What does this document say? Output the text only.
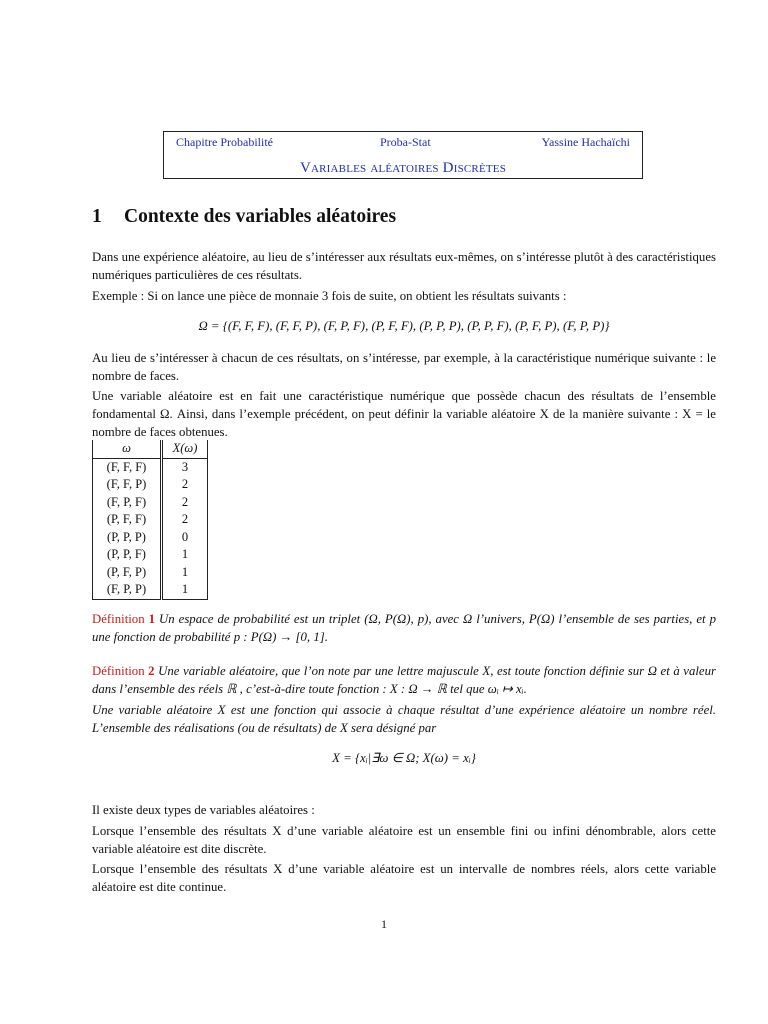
Chapitre Probabilité	Proba-Stat	Yassine Hachaïchi
Variables aléatoires Discrètes
1 Contexte des variables aléatoires

Dans une expérience aléatoire, au lieu de s’intéresser aux résultats eux-mêmes, on s’intéresse plutôt à des caractéristiques numériques particulières de ces résultats.

Exemple : Si on lance une pièce de monnaie 3 fois de suite, on obtient les résultats suivants :

Ω = {(F, F, F), (F, F, P), (F, P, F), (P, F, F), (P, P, P), (P, P, F), (P, F, P), (F, P, P)}

Au lieu de s’intéresser à chacun de ces résultats, on s’intéresse, par exemple, à la caractéristique numérique suivante : le nombre de faces.

Une variable aléatoire est en fait une caractéristique numérique que possède chacun des résultats de l’ensemble fondamental Ω. Ainsi, dans l’exemple précédent, on peut définir la variable aléatoire X de la manière suivante : X = le nombre de faces obtenues.

ω	X(ω)
(F, F, F)	3
(F, F, P)	2
(F, P, F)	2
(P, F, F)	2
(P, P, P)	0
(P, P, F)	1
(P, F, P)	1
(F, P, P)	1

Définition 1 Un espace de probabilité est un triplet (Ω, P(Ω), p), avec Ω l’univers, P(Ω) l’ensemble de ses parties, et p une fonction de probabilité p : P(Ω) → [0, 1].

Définition 2 Une variable aléatoire, que l’on note par une lettre majuscule X, est toute fonction définie sur Ω et à valeur dans l’ensemble des réels ℝ , c’est-à-dire toute fonction : X : Ω → ℝ tel que ωᵢ ↦ xᵢ.

Une variable aléatoire X est une fonction qui associe à chaque résultat d’une expérience aléatoire un nombre réel. L’ensemble des réalisations (ou de résultats) de X sera désigné par

X = {xᵢ|∃ω ∈ Ω; X(ω) = xᵢ}

Il existe deux types de variables aléatoires :

Lorsque l’ensemble des résultats X d’une variable aléatoire est un ensemble fini ou infini dénombrable, alors cette variable aléatoire est dite discrète.

Lorsque l’ensemble des résultats X d’une variable aléatoire est un intervalle de nombres réels, alors cette variable aléatoire est dite continue.

1
